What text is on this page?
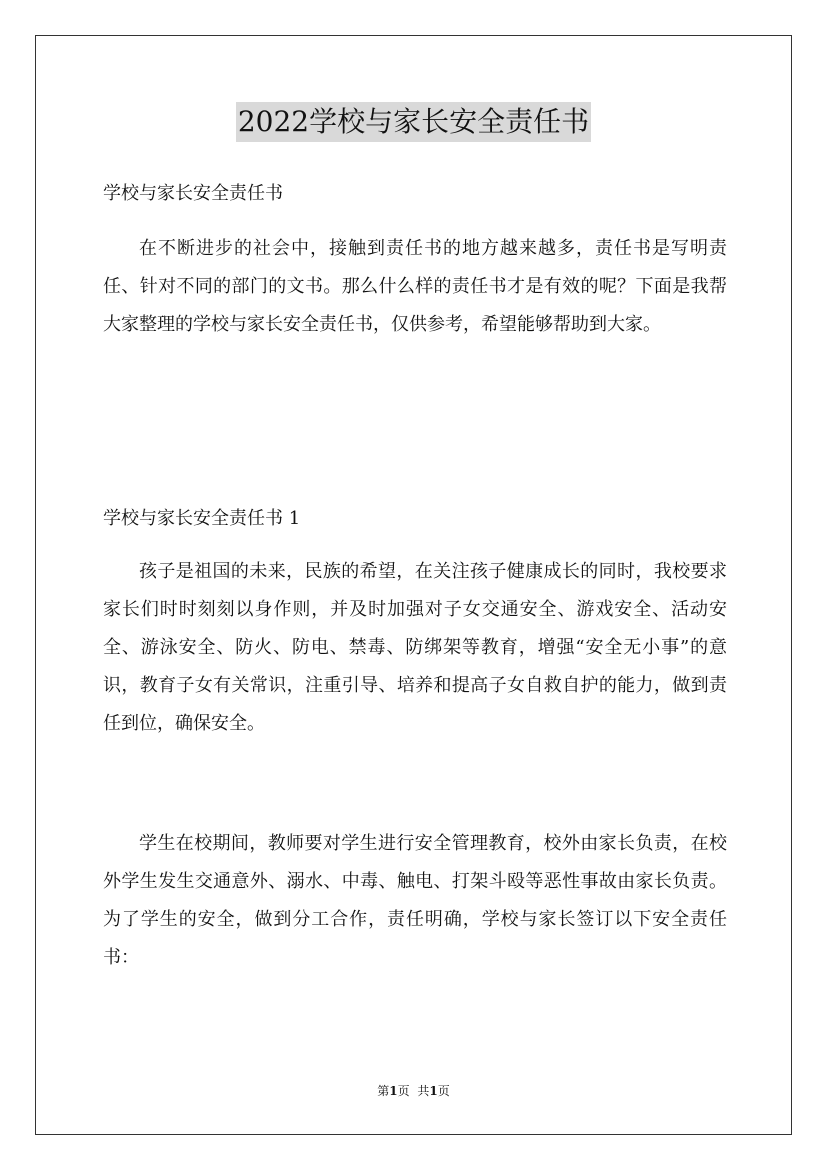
2022学校与家长安全责任书
学校与家长安全责任书

在不断进步的社会中，接触到责任书的地方越来越多，责任书是写明责任、针对不同的部门的文书。那么什么样的责任书才是有效的呢？下面是我帮大家整理的学校与家长安全责任书，仅供参考，希望能够帮助到大家。

学校与家长安全责任书 1

孩子是祖国的未来，民族的希望，在关注孩子健康成长的同时，我校要求家长们时时刻刻以身作则，并及时加强对子女交通安全、游戏安全、活动安全、游泳安全、防火、防电、禁毒、防绑架等教育，增强“安全无小事”的意识，教育子女有关常识，注重引导、培养和提高子女自救自护的能力，做到责任到位，确保安全。

学生在校期间，教师要对学生进行安全管理教育，校外由家长负责，在校外学生发生交通意外、溺水、中毒、触电、打架斗殴等恶性事故由家长负责。为了学生的安全，做到分工合作，责任明确，学校与家长签订以下安全责任书：

第1页 共1页
